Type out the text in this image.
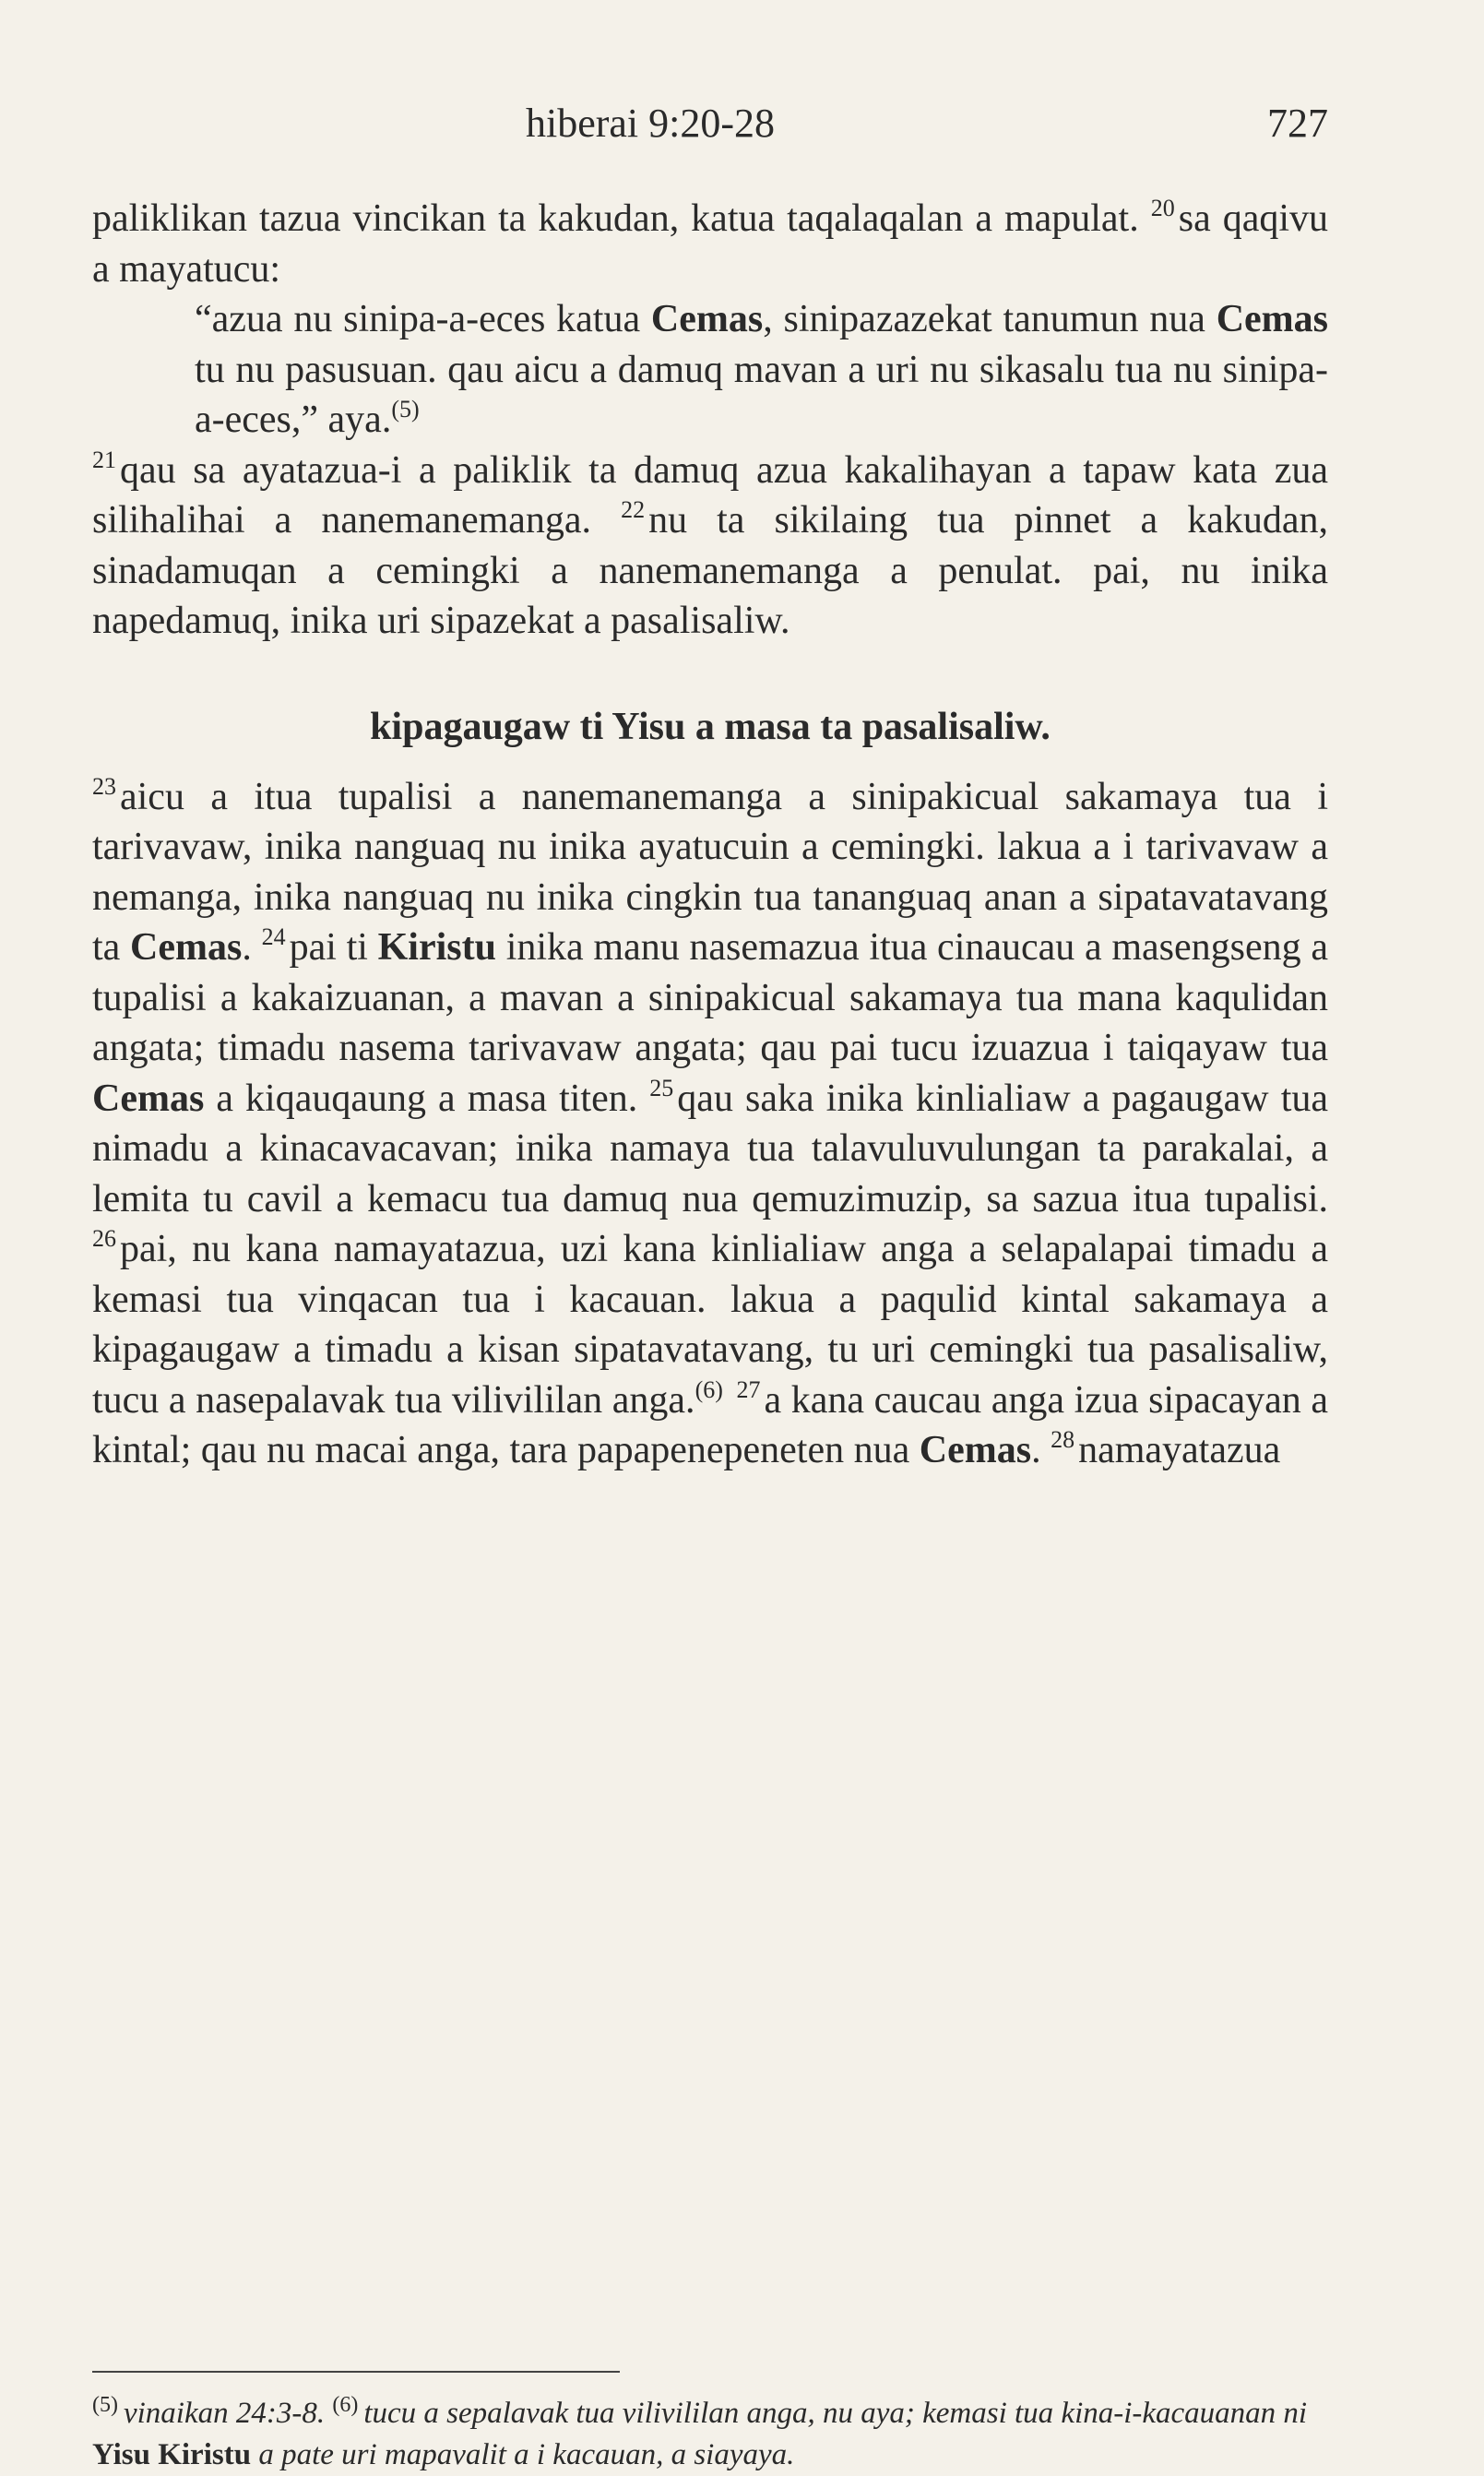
hiberai 9:20-28	727

paliklikan tazua vincikan ta kakudan, katua taqalaqalan a mapulat. $^{20}$sa qaqivu a mayatucu:

“azua nu sinipa-a-eces katua Cemas, sinipazazekat tanumun nua Cemas tu nu pasusuan. qau aicu a damuq mavan a uri nu sikasalu tua nu sinipa-a-eces,” aya.$^{(5)}$

$^{21}$qau sa ayatazua-i a paliklik ta damuq azua kakalihayan a tapaw kata zua silihalihai a nanemanemanga. $^{22}$nu ta sikilaing tua pinnet a kakudan, sinadamuqan a cemingki a nanemanemanga a penulat. pai, nu inika napedamuq, inika uri sipazekat a pasalisaliw.

kipagaugaw ti Yisu a masa ta pasalisaliw.

$^{23}$aicu a itua tupalisi a nanemanemanga a sinipakicual sakamaya tua i tarivavaw, inika nanguaq nu inika ayatucuin a cemingki. lakua a i tarivavaw a nemanga, inika nanguaq nu inika cingkin tua tananguaq anan a sipatavatavang ta Cemas. $^{24}$pai ti Kiristu inika manu nasemazua itua cinaucau a masengseng a tupalisi a kakaizuanan, a mavan a sinipakicual sakamaya tua mana kaqulidan angata; timadu nasema tarivavaw angata; qau pai tucu izuazua i taiqayaw tua Cemas a kiqauqaung a masa titen. $^{25}$qau saka inika kinlialiaw a pagaugaw tua nimadu a kinacavacavan; inika namaya tua talavuluvulungan ta parakalai, a lemita tu cavil a kemacu tua damuq nua qemuzimuzip, sa sazua itua tupalisi. $^{26}$pai, nu kana namayatazua, uzi kana kinlialiaw anga a selapalapai timadu a kemasi tua vinqacan tua i kacauan. lakua a paqulid kintal sakamaya a kipagaugaw a timadu a kisan sipatavatavang, tu uri cemingki tua pasalisaliw, tucu a nasepalavak tua vilivililan anga.$^{(6)}$ $^{27}$a kana caucau anga izua sipacayan a kintal; qau nu macai anga, tara papapenepeneten nua Cemas. $^{28}$namayatazua

$^{(5)}$ vinaikan 24:3-8. $^{(6)}$ tucu a sepalavak tua vilivililan anga, nu aya; kemasi tua kina-i-kacauanan ni Yisu Kiristu a pate uri mapavalit a i kacauan, a siayaya.
